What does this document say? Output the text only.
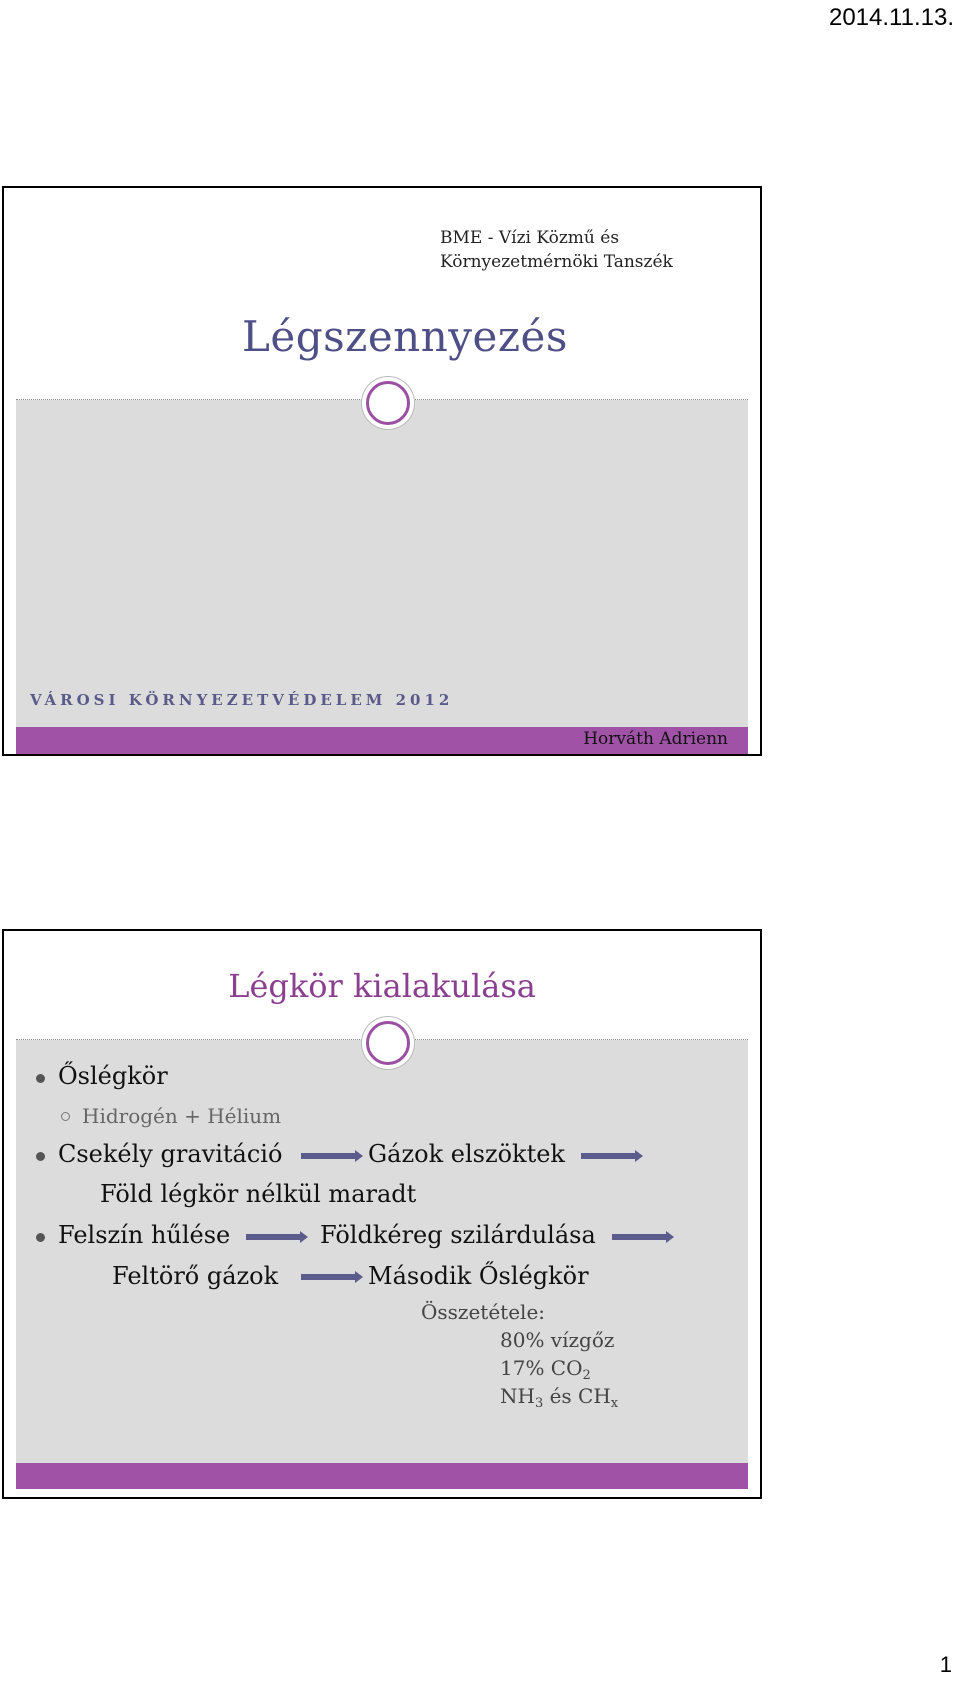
2014.11.13.
BME - Vízi Közmű és
Környezetmérnöki Tanszék
Légszennyezés
VÁROSI KÖRNYEZETVÉDELEM 2012
Horváth Adrienn
Légkör kialakulása
Őslégkör
Hidrogén + Hélium
Csekély gravitáció	Gázok elszöktek
Föld légkör nélkül maradt
Felszín hűlése	Földkéreg szilárdulása
Feltörő gázok	Második Őslégkör
Összetétele:
80% vízgőz
17% $CO_2$
$NH_3$ és $CH_x$
1
